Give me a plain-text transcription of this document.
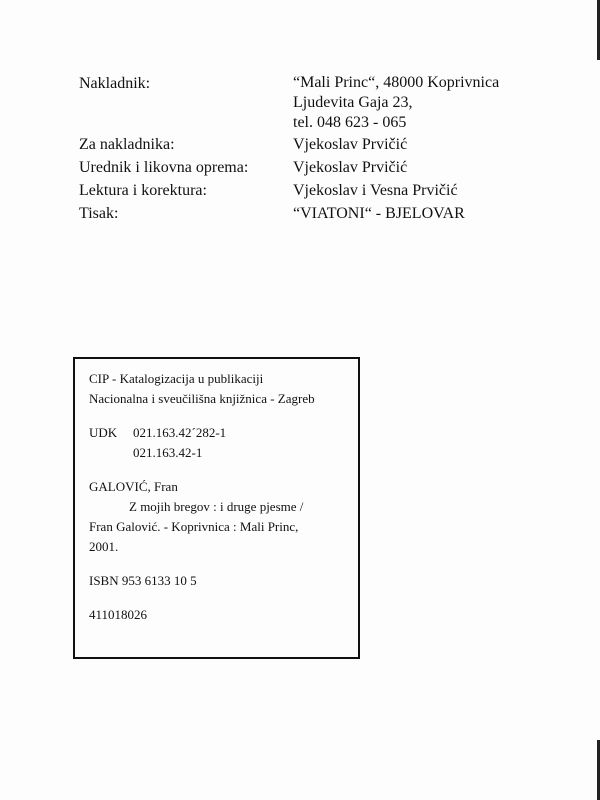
Nakladnik:	“Mali Princ“, 48000 Koprivnica
Ljudevita Gaja 23,
tel. 048 623 - 065
Za nakladnika:	Vjekoslav Prvičić
Urednik i likovna oprema:	Vjekoslav Prvičić
Lektura i korektura:	Vjekoslav i Vesna Prvičić
Tisak:	“VIATONI“ - BJELOVAR

CIP - Katalogizacija u publikaciji

Nacionalna i sveučilišna knjižnica - Zagreb

UDK	021.163.42´282-1

021.163.42-1

GALOVIĆ, Fran

Z mojih bregov : i druge pjesme /

Fran Galović. - Koprivnica : Mali Princ,

2001.

ISBN 953 6133 10 5

411018026
